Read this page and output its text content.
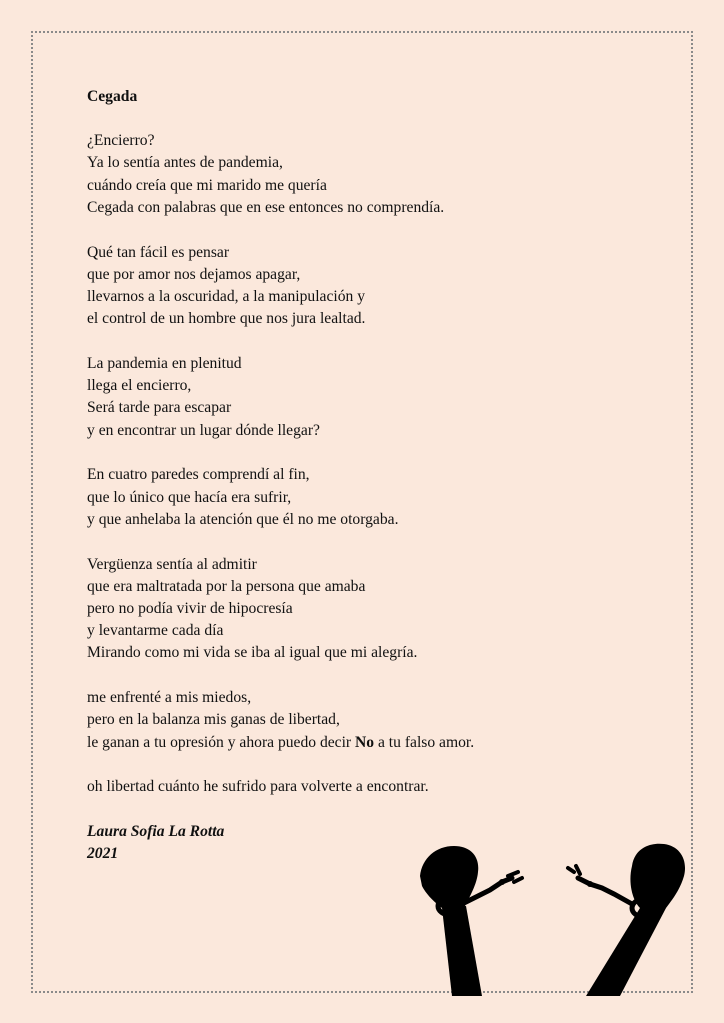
Cegada
¿Encierro?
Ya lo sentía antes de pandemia,
cuándo creía que mi marido me quería
Cegada con palabras que en ese entonces no comprendía.
Qué tan fácil es pensar
que por amor nos dejamos apagar,
llevarnos a la oscuridad, a la manipulación y
el control de un hombre que nos jura lealtad.
La pandemia en plenitud
llega el encierro,
Será tarde para escapar
y en encontrar un lugar dónde llegar?
En cuatro paredes comprendí al fin,
que lo único que hacía era sufrir,
y que anhelaba la atención que él no me otorgaba.
Vergüenza sentía al admitir
que era maltratada por la persona que amaba
pero no podía vivir de hipocresía
y levantarme cada día
Mirando como mi vida se iba al igual que mi alegría.
me enfrenté a mis miedos,
pero en la balanza mis ganas de libertad,
le ganan a tu opresión y ahora puedo decir No a tu falso amor.
oh libertad cuánto he sufrido para volverte a encontrar.
Laura Sofia La Rotta
2021
